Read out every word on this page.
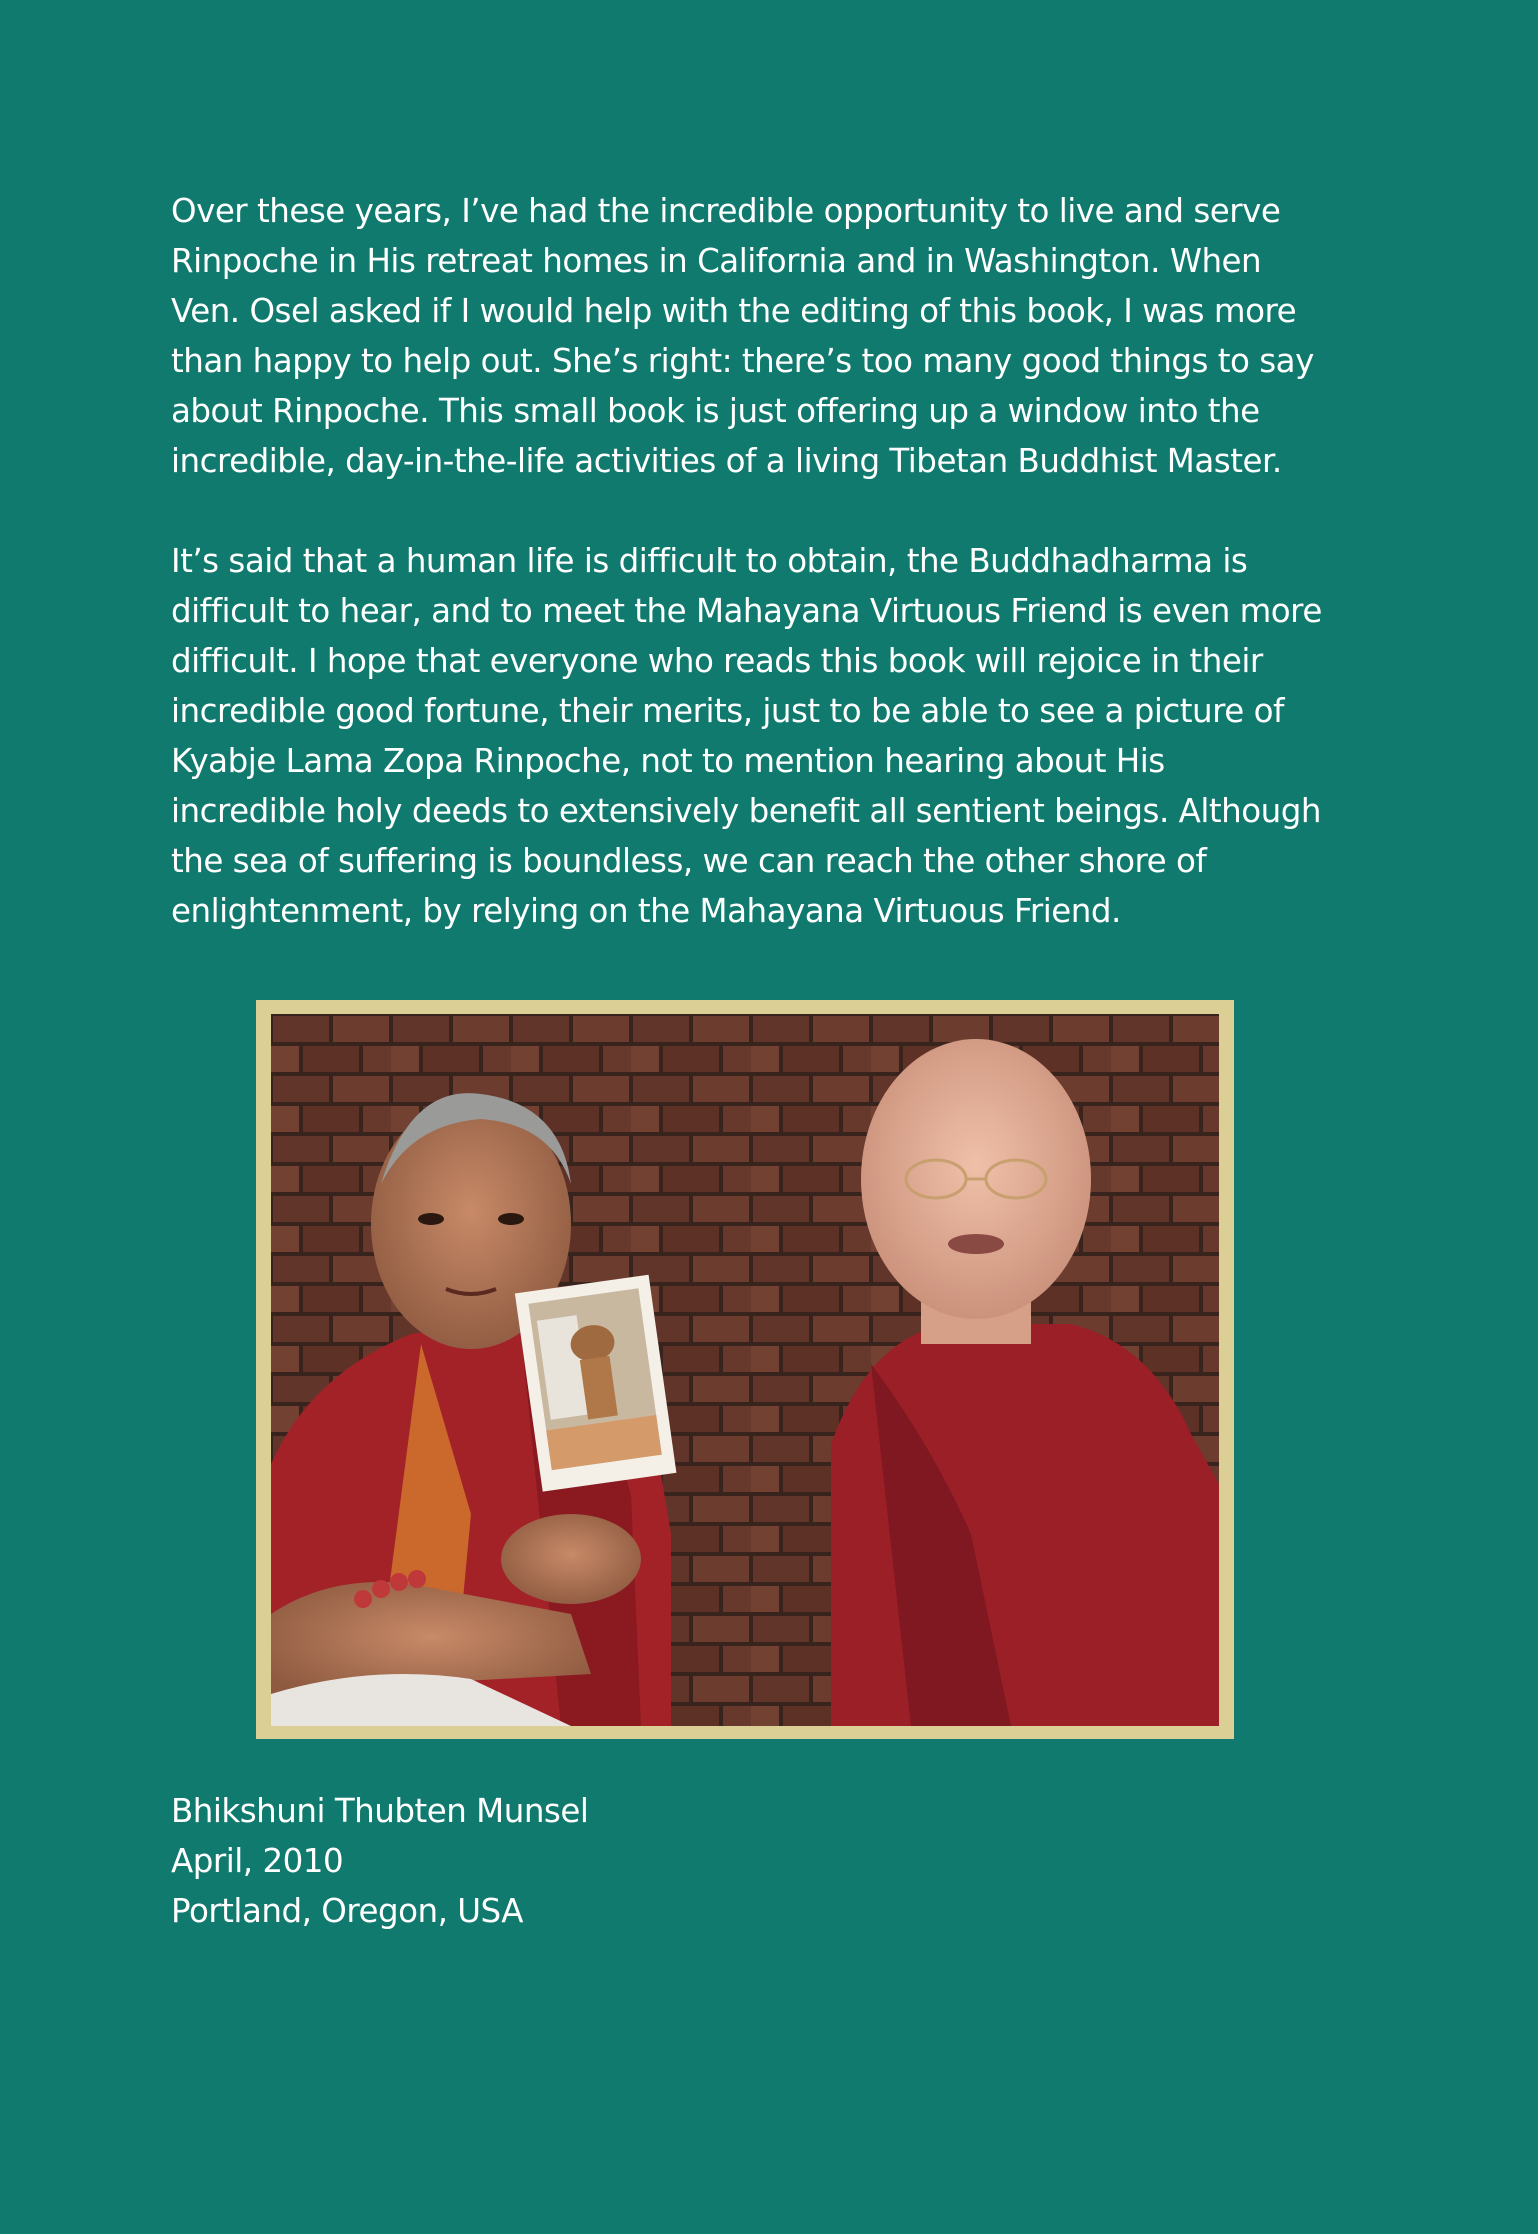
Over these years, I’ve had the incredible opportunity to live and serve
Rinpoche in His retreat homes in California and in Washington. When
Ven. Osel asked if I would help with the editing of this book, I was more
than happy to help out. She’s right: there’s too many good things to say
about Rinpoche. This small book is just offering up a window into the
incredible, day-in-the-life activities of a living Tibetan Buddhist Master.
It’s said that a human life is difficult to obtain, the Buddhadharma is
difficult to hear, and to meet the Mahayana Virtuous Friend is even more
difficult. I hope that everyone who reads this book will rejoice in their
incredible good fortune, their merits, just to be able to see a picture of
Kyabje Lama Zopa Rinpoche, not to mention hearing about His
incredible holy deeds to extensively benefit all sentient beings. Although
the sea of suffering is boundless, we can reach the other shore of
enlightenment, by relying on the Mahayana Virtuous Friend.
Bhikshuni Thubten Munsel
April, 2010
Portland, Oregon, USA
